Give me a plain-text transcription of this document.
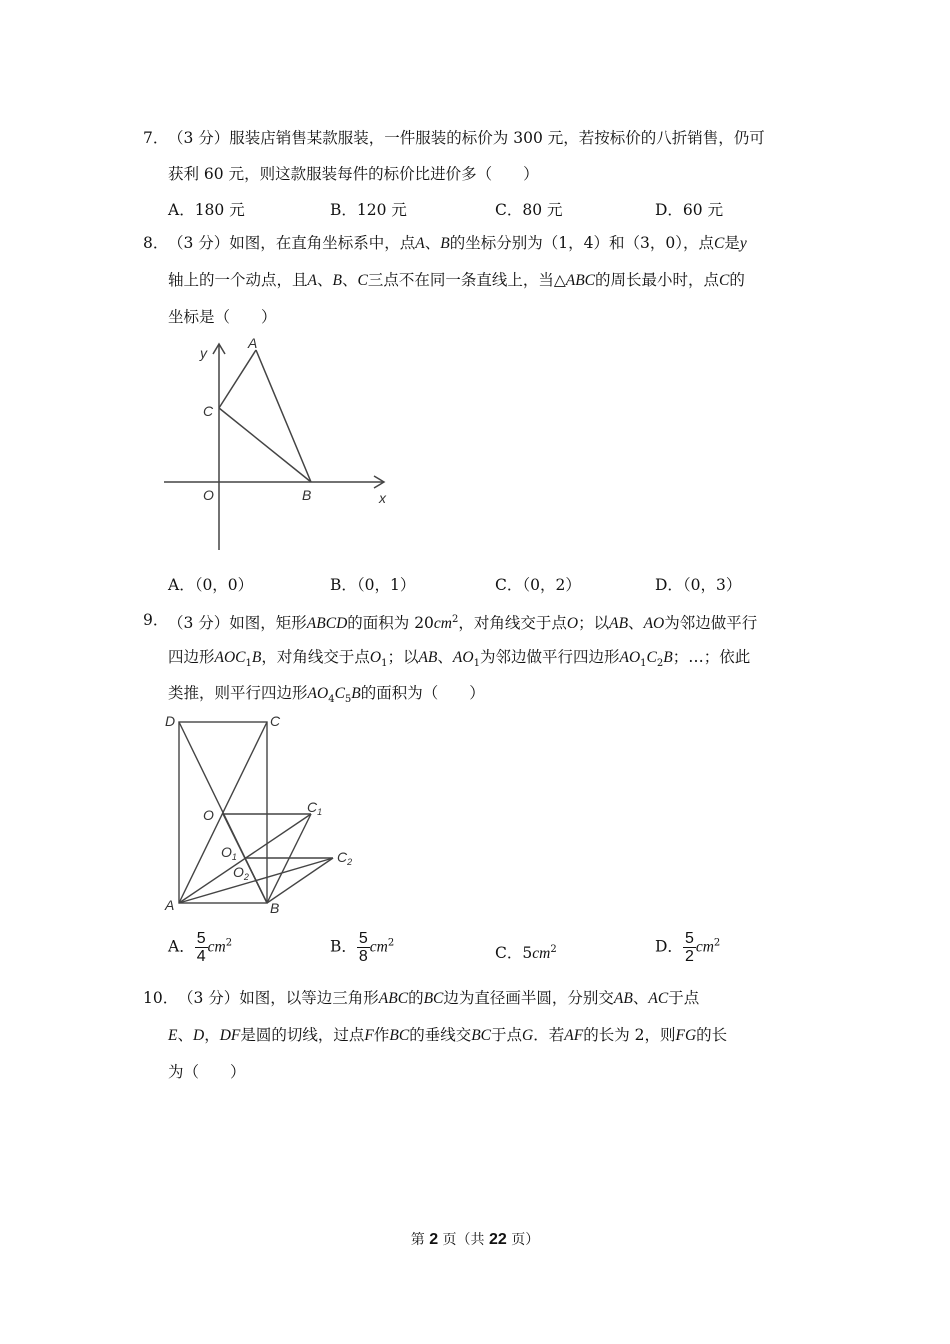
7． （3 分）服装店销售某款服装，一件服装的标价为 300 元，若按标价的八折销售，仍可
获利 60 元，则这款服装每件的标价比进价多（　　）
A．180 元	B．120 元	C．80 元	D．60 元
8． （3 分）如图，在直角坐标系中，点A、B的坐标分别为（1，4）和（3，0），点C是y
轴上的一个动点，且A、B、C三点不在同一条直线上，当△ABC的周长最小时，点C的
坐标是（　　）
y
A
C
O	B	x
A．（0，0）	B．（0，1）	C．（0，2）	D．（0，3）
9． （3 分）如图，矩形ABCD的面积为 $20cm^2$，对角线交于点O；以AB、AO为邻边做平行
四边形$AOC_1B$，对角线交于点$O_1$；以AB、$AO_1$为邻边做平行四边形$AO_1C_2B$；…；依此
类推，则平行四边形$AO_4C_5B$的面积为（　　）
D	C
O	$C_1$
$O_1$	$C_2$
$O_2$
A	B
A． $\frac{5}{4} cm^2$	B． $\frac{5}{8} cm^2$
C．$5cm^2$	D． $\frac{5}{2} cm^2$
10． （3 分）如图，以等边三角形ABC的BC边为直径画半圆，分别交AB、AC于点
E、D，DF是圆的切线，过点F作BC的垂线交BC于点G．若AF的长为 2，则FG的长
为（　　）
第 2 页（共 22 页）
